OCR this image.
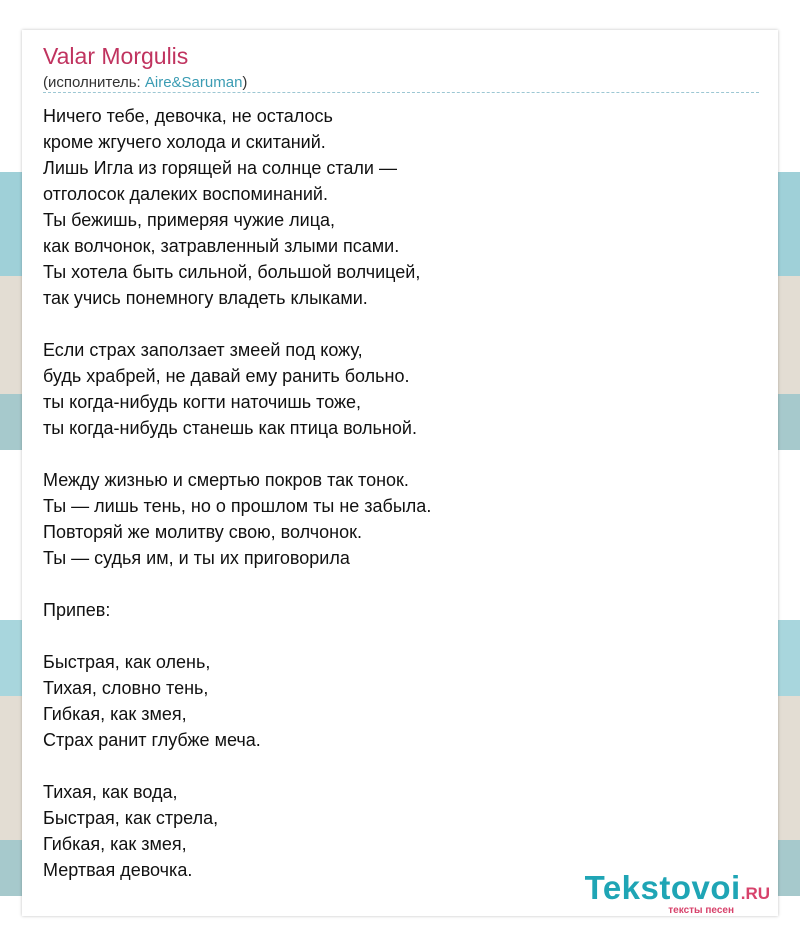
Valar Morgulis
(исполнитель: Aire&Saruman)
Ничего тебе, девочка, не осталось
кроме жгучего холода и скитаний.
Лишь Игла из горящей на солнце стали —
отголосок далеких воспоминаний.
Ты бежишь, примеряя чужие лица,
как волчонок, затравленный злыми псами.
Ты хотела быть сильной, большой волчицей,
так учись понемногу владеть клыками.
Если страх заползает змеей под кожу,
будь храбрей, не давай ему ранить больно.
ты когда-нибудь когти наточишь тоже,
ты когда-нибудь станешь как птица вольной.
Между жизнью и смертью покров так тонок.
Ты — лишь тень, но о прошлом ты не забыла.
Повторяй же молитву свою, волчонок.
Ты — судья им, и ты их приговорила
Припев:
Быстрая, как олень,
Тихая, словно тень,
Гибкая, как змея,
Страх ранит глубже меча.
Тихая, как вода,
Быстрая, как стрела,
Гибкая, как змея,
Мертвая девочка.	Tekstovoi.RU
тексты песен
